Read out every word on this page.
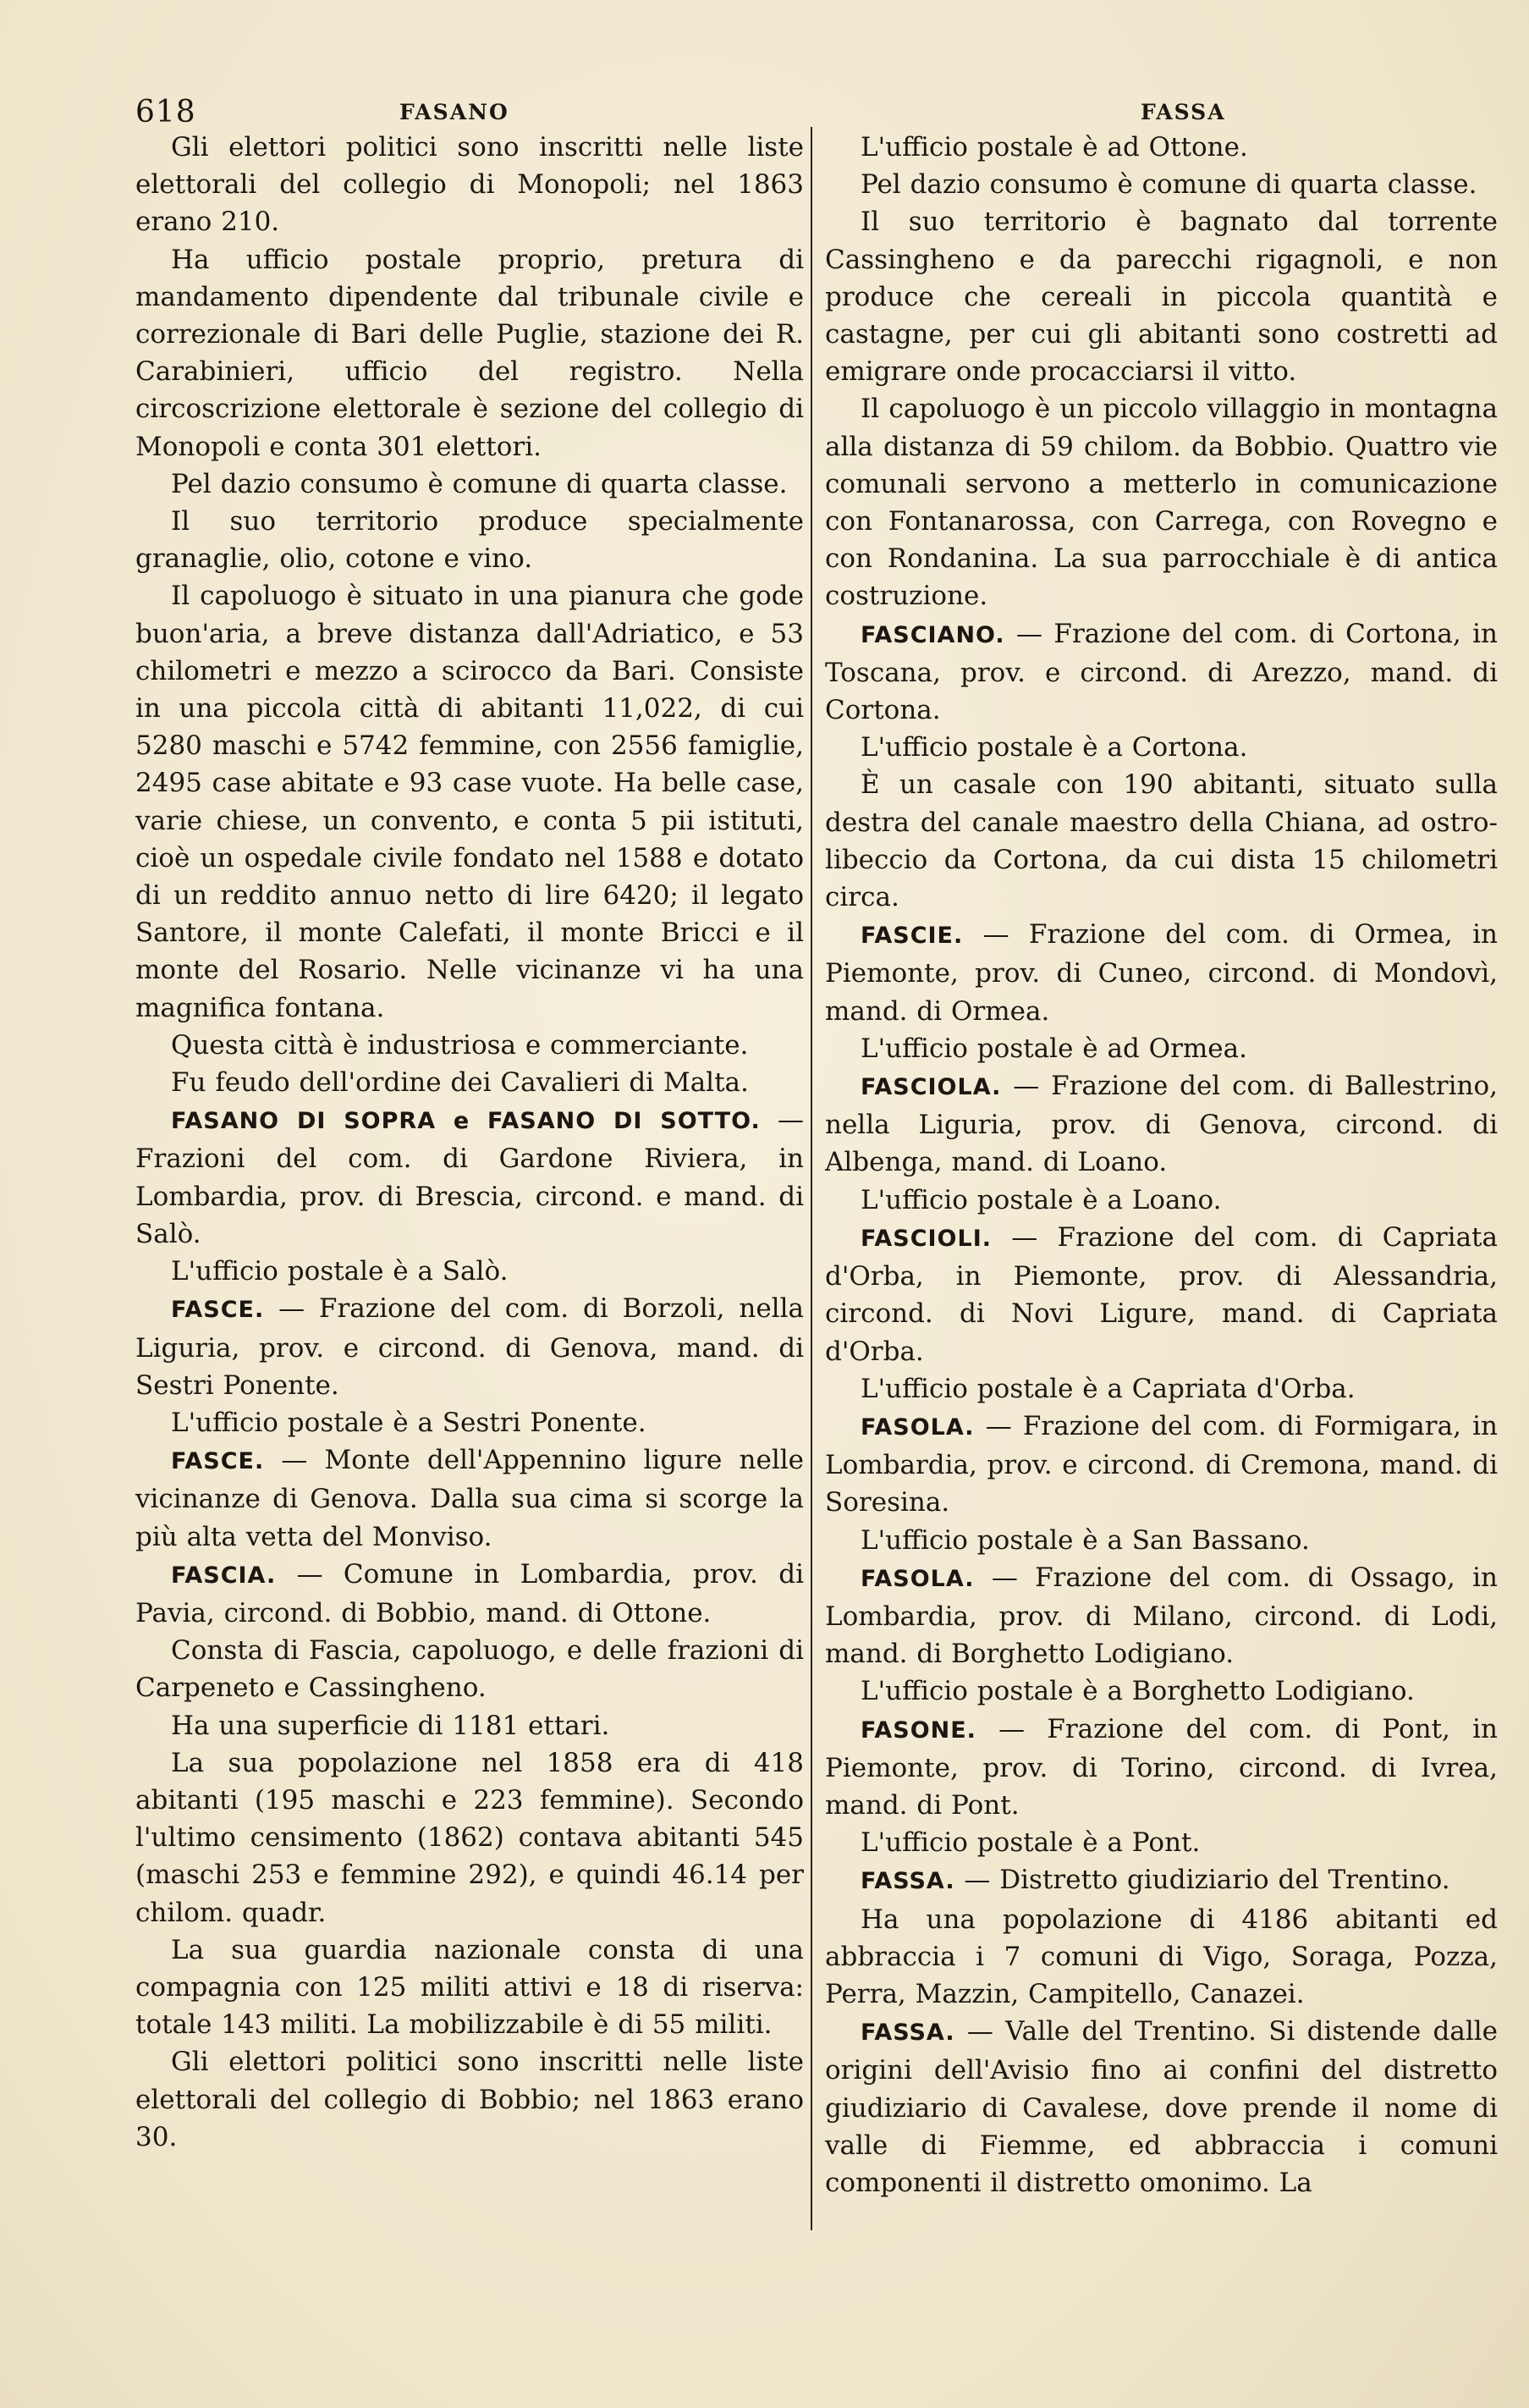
618	FASANO	FASSA

Gli elettori politici sono inscritti nelle liste elettorali del collegio di Monopoli; nel 1863 erano 210.

Ha ufficio postale proprio, pretura di mandamento dipendente dal tribunale civile e correzionale di Bari delle Puglie, stazione dei R. Carabinieri, ufficio del registro. Nella circoscrizione elettorale è sezione del collegio di Monopoli e conta 301 elettori.

Pel dazio consumo è comune di quarta classe.

Il suo territorio produce specialmente granaglie, olio, cotone e vino.

Il capoluogo è situato in una pianura che gode buon'aria, a breve distanza dall'Adriatico, e 53 chilometri e mezzo a scirocco da Bari. Consiste in una piccola città di abitanti 11,022, di cui 5280 maschi e 5742 femmine, con 2556 famiglie, 2495 case abitate e 93 case vuote. Ha belle case, varie chiese, un convento, e conta 5 pii istituti, cioè un ospedale civile fondato nel 1588 e dotato di un reddito annuo netto di lire 6420; il legato Santore, il monte Calefati, il monte Bricci e il monte del Rosario. Nelle vicinanze vi ha una magnifica fontana.

Questa città è industriosa e commerciante.

Fu feudo dell'ordine dei Cavalieri di Malta.

FASANO DI SOPRA e FASANO DI SOTTO. — Frazioni del com. di Gardone Riviera, in Lombardia, prov. di Brescia, circond. e mand. di Salò.

L'ufficio postale è a Salò.

FASCE. — Frazione del com. di Borzoli, nella Liguria, prov. e circond. di Genova, mand. di Sestri Ponente.

L'ufficio postale è a Sestri Ponente.

FASCE. — Monte dell'Appennino ligure nelle vicinanze di Genova. Dalla sua cima si scorge la più alta vetta del Monviso.

FASCIA. — Comune in Lombardia, prov. di Pavia, circond. di Bobbio, mand. di Ottone.

Consta di Fascia, capoluogo, e delle frazioni di Carpeneto e Cassingheno.

Ha una superficie di 1181 ettari.

La sua popolazione nel 1858 era di 418 abitanti (195 maschi e 223 femmine). Secondo l'ultimo censimento (1862) contava abitanti 545 (maschi 253 e femmine 292), e quindi 46.14 per chilom. quadr.

La sua guardia nazionale consta di una compagnia con 125 militi attivi e 18 di riserva: totale 143 militi. La mobilizzabile è di 55 militi.

Gli elettori politici sono inscritti nelle liste elettorali del collegio di Bobbio; nel 1863 erano 30.

L'ufficio postale è ad Ottone.

Pel dazio consumo è comune di quarta classe.

Il suo territorio è bagnato dal torrente Cassingheno e da parecchi rigagnoli, e non produce che cereali in piccola quantità e castagne, per cui gli abitanti sono costretti ad emigrare onde procacciarsi il vitto.

Il capoluogo è un piccolo villaggio in montagna alla distanza di 59 chilom. da Bobbio. Quattro vie comunali servono a metterlo in comunicazione con Fontanarossa, con Carrega, con Rovegno e con Rondanina. La sua parrocchiale è di antica costruzione.

FASCIANO. — Frazione del com. di Cortona, in Toscana, prov. e circond. di Arezzo, mand. di Cortona.

L'ufficio postale è a Cortona.

È un casale con 190 abitanti, situato sulla destra del canale maestro della Chiana, ad ostro-libeccio da Cortona, da cui dista 15 chilometri circa.

FASCIE. — Frazione del com. di Ormea, in Piemonte, prov. di Cuneo, circond. di Mondovì, mand. di Ormea.

L'ufficio postale è ad Ormea.

FASCIOLA. — Frazione del com. di Ballestrino, nella Liguria, prov. di Genova, circond. di Albenga, mand. di Loano.

L'ufficio postale è a Loano.

FASCIOLI. — Frazione del com. di Capriata d'Orba, in Piemonte, prov. di Alessandria, circond. di Novi Ligure, mand. di Capriata d'Orba.

L'ufficio postale è a Capriata d'Orba.

FASOLA. — Frazione del com. di Formigara, in Lombardia, prov. e circond. di Cremona, mand. di Soresina.

L'ufficio postale è a San Bassano.

FASOLA. — Frazione del com. di Ossago, in Lombardia, prov. di Milano, circond. di Lodi, mand. di Borghetto Lodigiano.

L'ufficio postale è a Borghetto Lodigiano.

FASONE. — Frazione del com. di Pont, in Piemonte, prov. di Torino, circond. di Ivrea, mand. di Pont.

L'ufficio postale è a Pont.

FASSA. — Distretto giudiziario del Trentino.

Ha una popolazione di 4186 abitanti ed abbraccia i 7 comuni di Vigo, Soraga, Pozza, Perra, Mazzin, Campitello, Canazei.

FASSA. — Valle del Trentino. Si distende dalle origini dell'Avisio fino ai confini del distretto giudiziario di Cavalese, dove prende il nome di valle di Fiemme, ed abbraccia i comuni componenti il distretto omonimo. La
